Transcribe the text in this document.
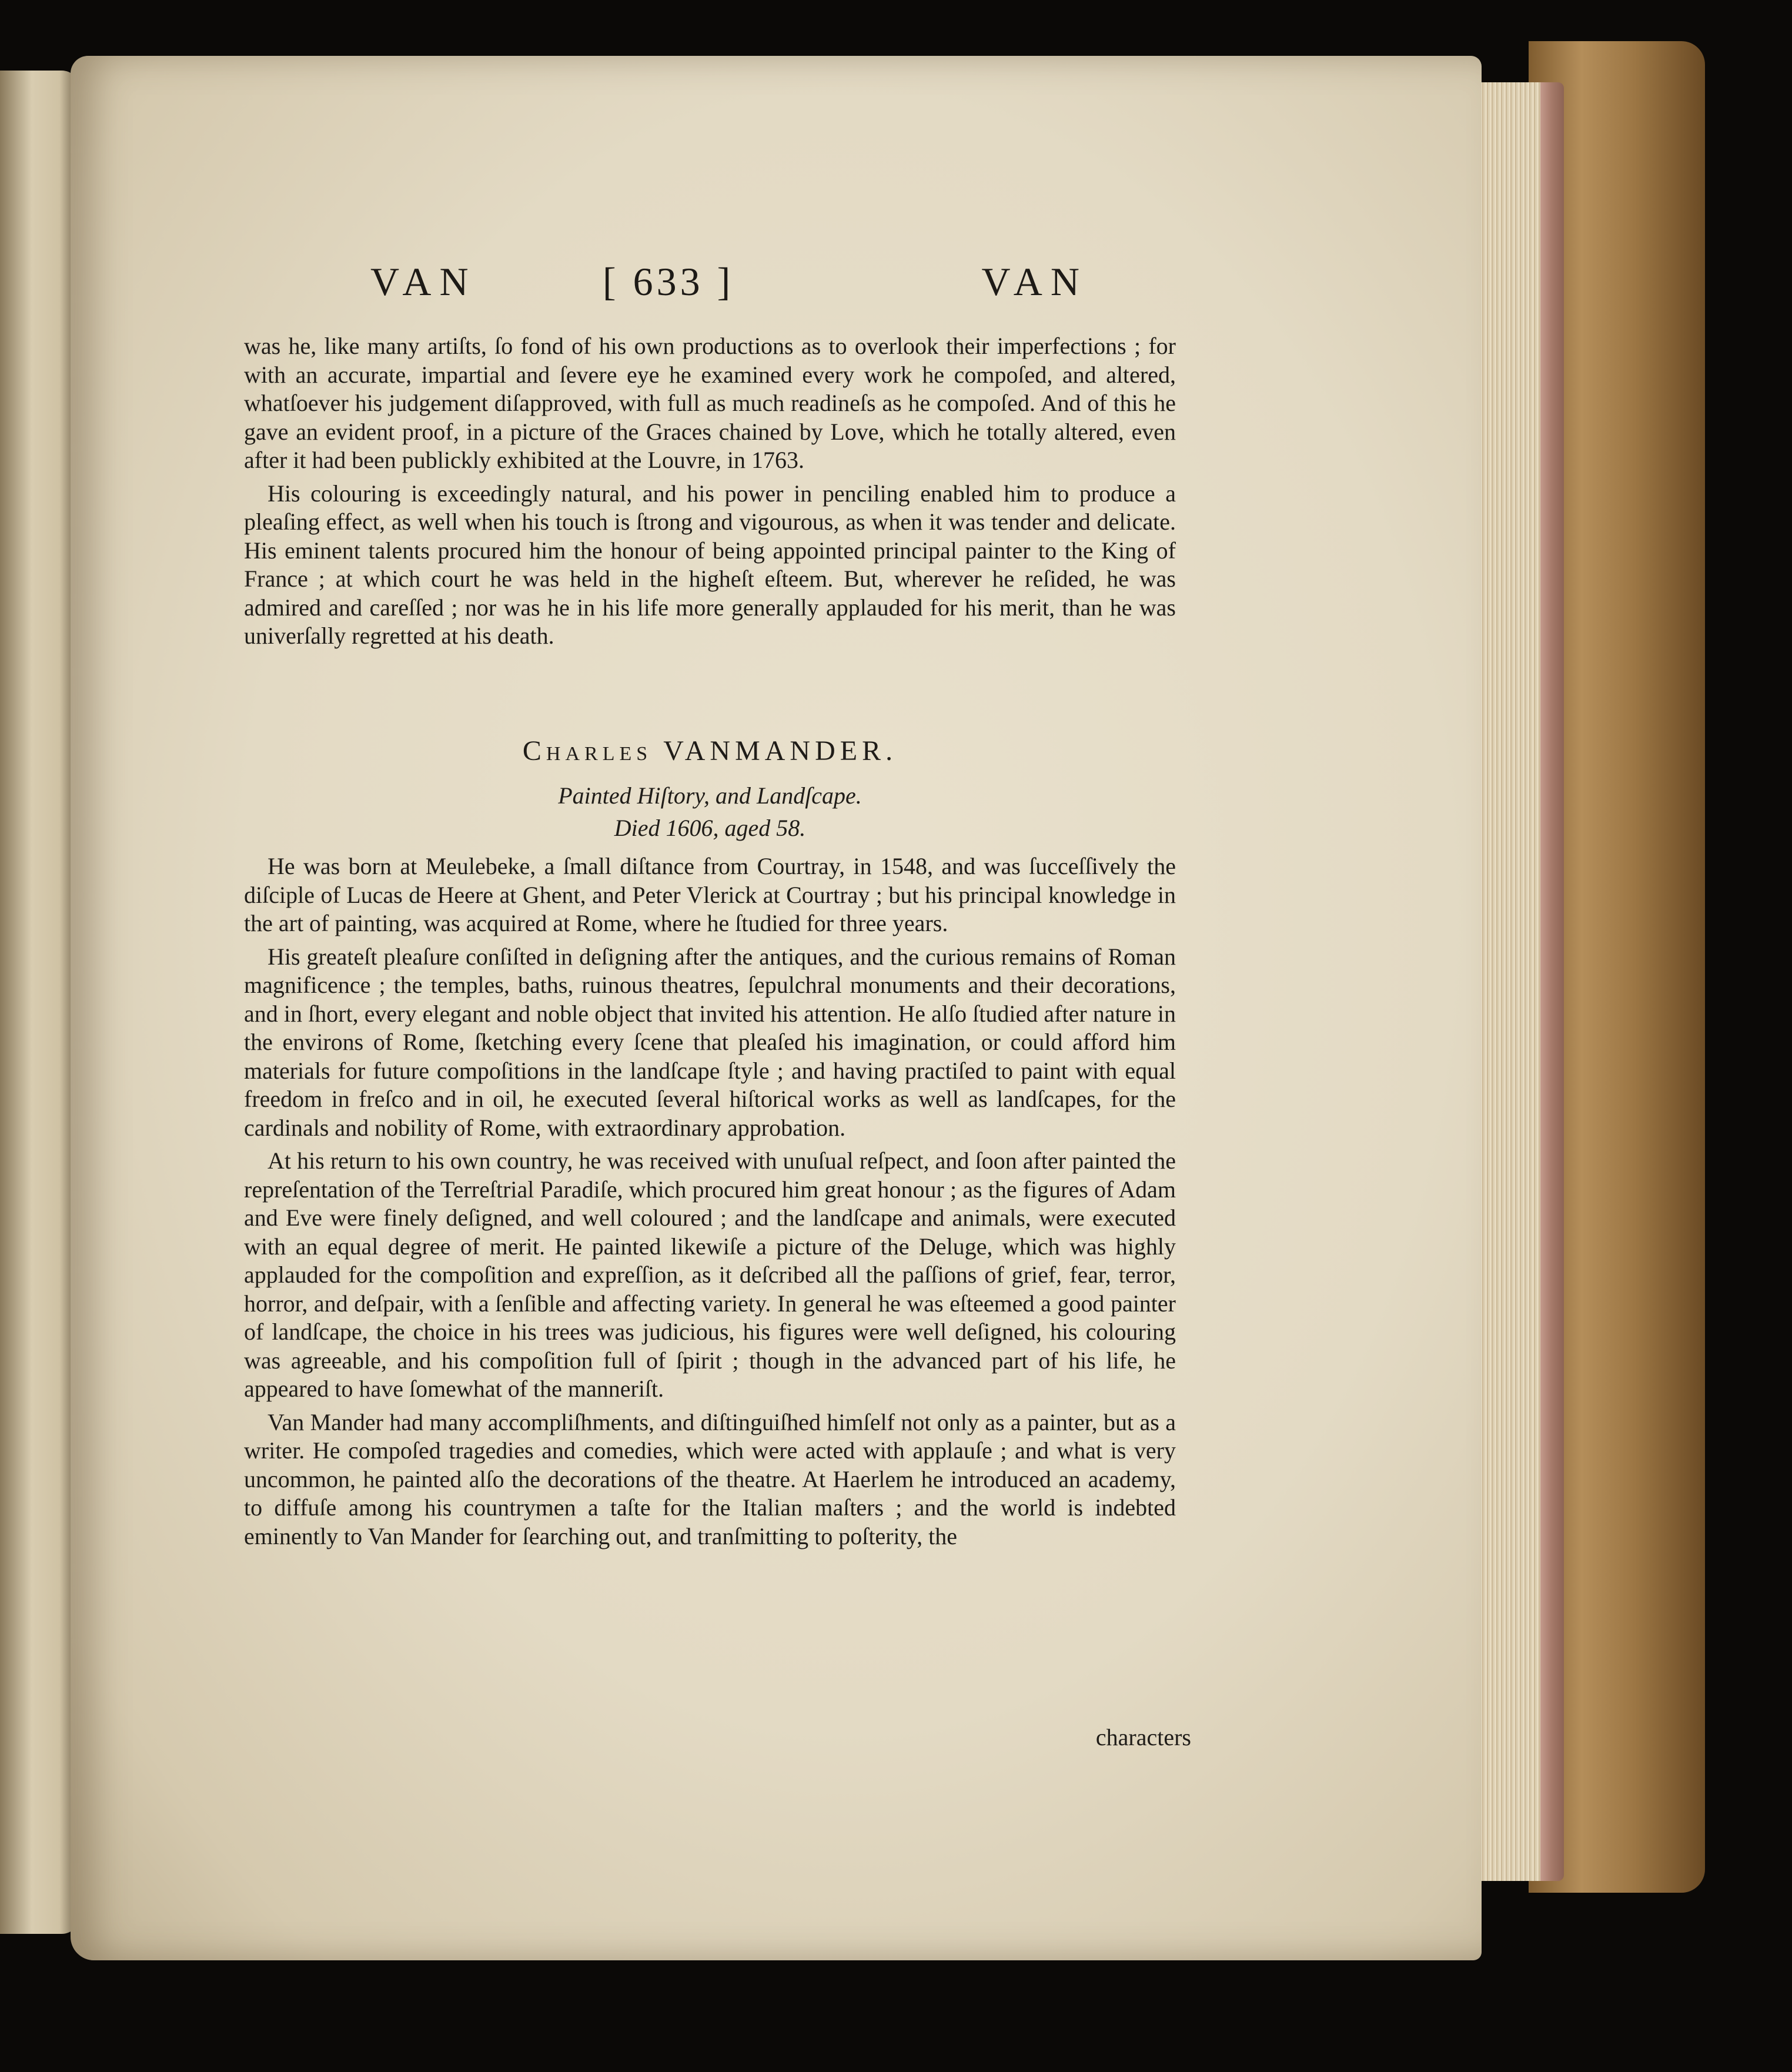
VAN	[ 633 ]	VAN

was he, like many artiſts, ſo fond of his own productions as to overlook their imperfections ; for with an accurate, impartial and ſevere eye he examined every work he compoſed, and altered, whatſoever his judgement diſapproved, with full as much readineſs as he compoſed. And of this he gave an evident proof, in a picture of the Graces chained by Love, which he totally altered, even after it had been publickly exhibited at the Louvre, in 1763.

His colouring is exceedingly natural, and his power in penciling enabled him to produce a pleaſing effect, as well when his touch is ſtrong and vigourous, as when it was tender and delicate. His eminent talents procured him the honour of being appointed principal painter to the King of France ; at which court he was held in the higheſt eſteem. But, wherever he reſided, he was admired and careſſed ; nor was he in his life more generally applauded for his merit, than he was univerſally regretted at his death.

Charles VANMANDER.
Painted Hiſtory, and Landſcape.
Died 1606, aged 58.

He was born at Meulebeke, a ſmall diſtance from Courtray, in 1548, and was ſucceſſively the diſciple of Lucas de Heere at Ghent, and Peter Vlerick at Courtray ; but his principal knowledge in the art of painting, was acquired at Rome, where he ſtudied for three years.

His greateſt pleaſure conſiſted in deſigning after the antiques, and the curious remains of Roman magnificence ; the temples, baths, ruinous theatres, ſepulchral monuments and their decorations, and in ſhort, every elegant and noble object that invited his attention. He alſo ſtudied after nature in the environs of Rome, ſketching every ſcene that pleaſed his imagination, or could afford him materials for future compoſitions in the landſcape ſtyle ; and having practiſed to paint with equal freedom in freſco and in oil, he executed ſeveral hiſtorical works as well as landſcapes, for the cardinals and nobility of Rome, with extraordinary approbation.

At his return to his own country, he was received with unuſual reſpect, and ſoon after painted the repreſentation of the Terreſtrial Paradiſe, which procured him great honour ; as the figures of Adam and Eve were finely deſigned, and well coloured ; and the landſcape and animals, were executed with an equal degree of merit. He painted likewiſe a picture of the Deluge, which was highly applauded for the compoſition and expreſſion, as it deſcribed all the paſſions of grief, fear, terror, horror, and deſpair, with a ſenſible and affecting variety. In general he was eſteemed a good painter of landſcape, the choice in his trees was judicious, his figures were well deſigned, his colouring was agreeable, and his compoſition full of ſpirit ; though in the advanced part of his life, he appeared to have ſomewhat of the manneriſt.

Van Mander had many accompliſhments, and diſtinguiſhed himſelf not only as a painter, but as a writer. He compoſed tragedies and comedies, which were acted with applauſe ; and what is very uncommon, he painted alſo the decorations of the theatre. At Haerlem he introduced an academy, to diffuſe among his countrymen a taſte for the Italian maſters ; and the world is indebted eminently to Van Mander for ſearching out, and tranſmitting to poſterity, the

characters
